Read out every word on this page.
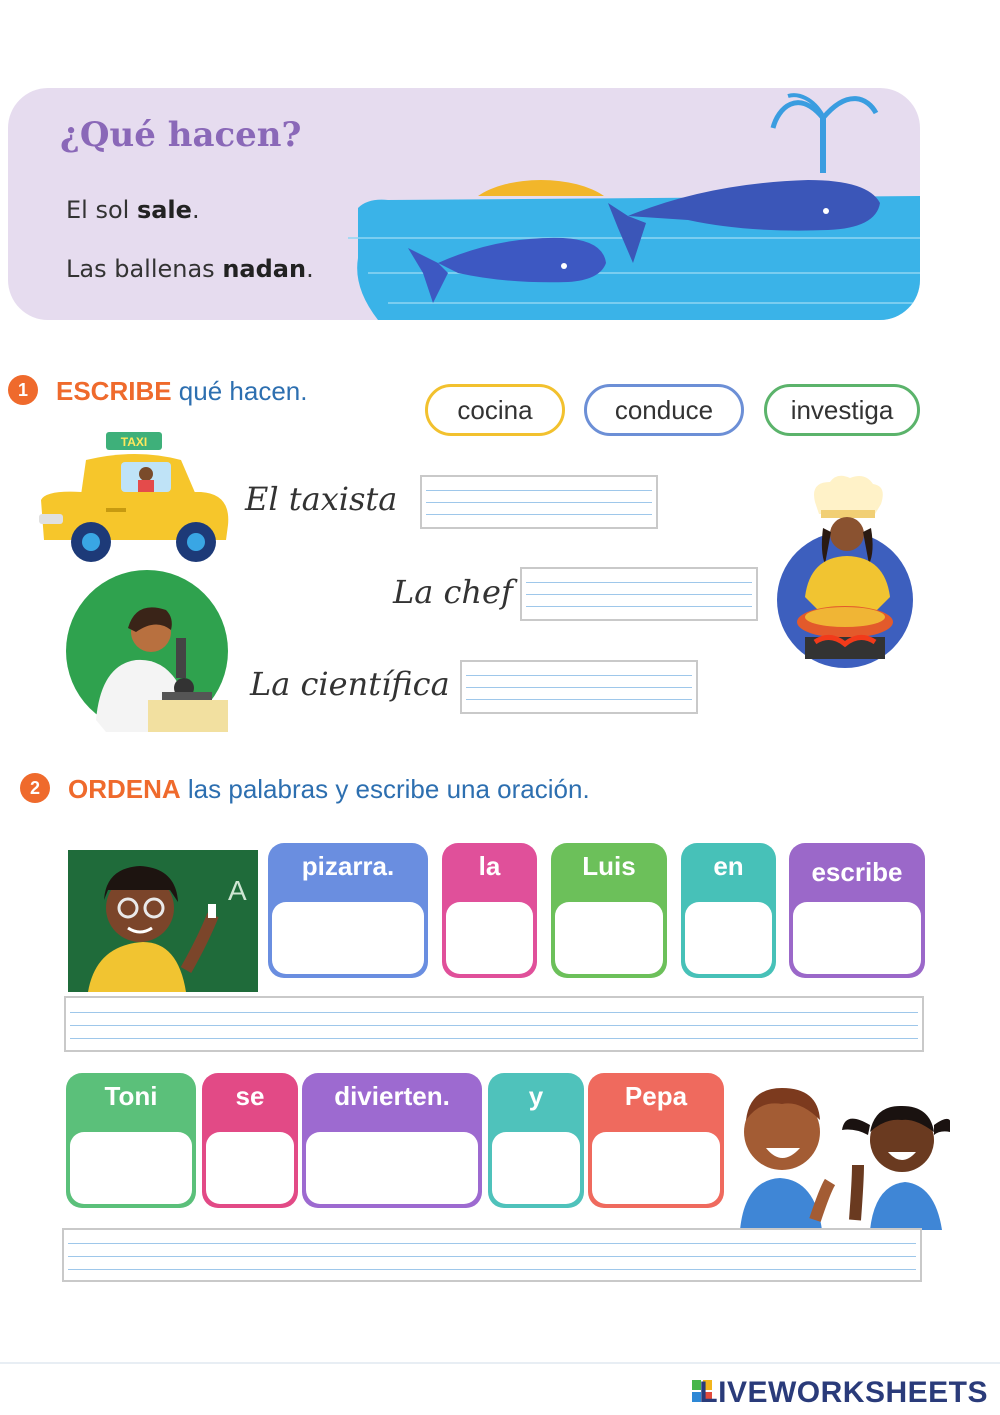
¿Qué hacen?
El sol sale.
Las ballenas nadan.
1	ESCRIBE qué hacen.
cocina	conduce	investiga
TAXI
El taxista
La chef
La científica
2	ORDENA las palabras y escribe una oración.
A
pizarra.	la	Luis	en	escribe
Toni	se	divierten.	y	Pepa
LIVEWORKSHEETS
